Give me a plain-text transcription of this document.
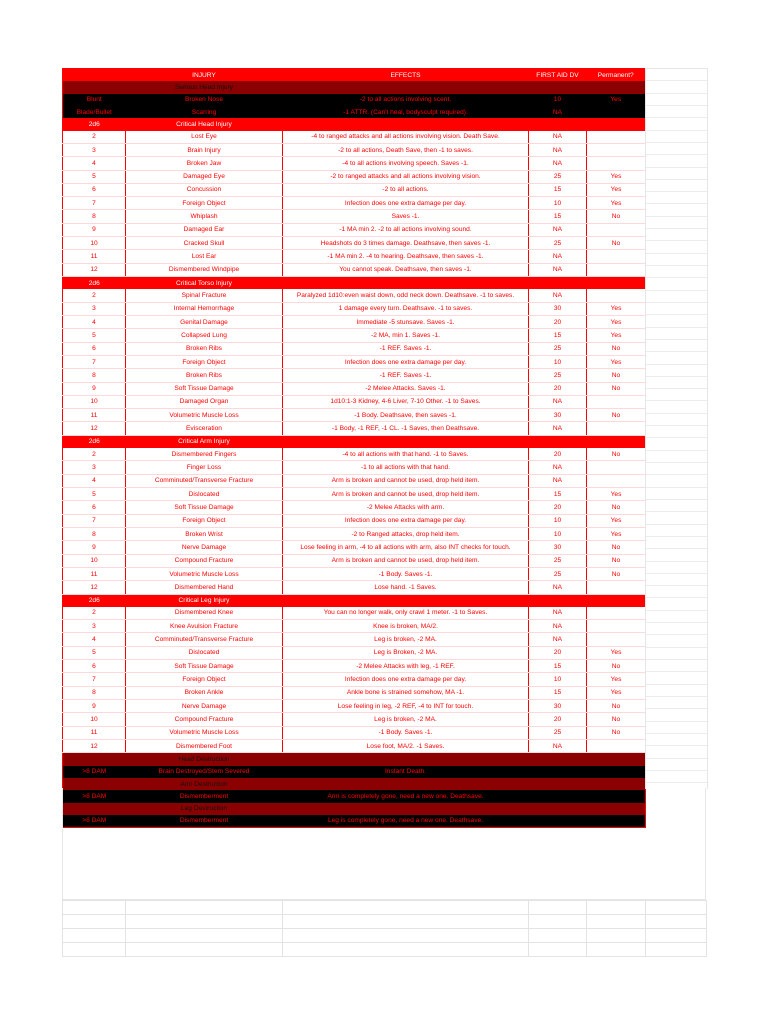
	INJURY	EFFECTS	FIRST AID DV	Permanent?
	Serious Head Injury			
Blunt	Broken Nose	-2 to all actions involving scent.	10	Yes
Blade/Bullet	Scarring	-1 ATTR. (Can't heal, bodysculpt required).	NA	
2d6	Critical Head Injury			
2	Lost Eye	-4 to ranged attacks and all actions involving vision. Death Save.	NA	
3	Brain Injury	-2 to all actions, Death Save, then -1 to saves.	NA	
4	Broken Jaw	-4 to all actions involving speech. Saves -1.	NA	
5	Damaged Eye	-2 to ranged attacks and all actions involving vision.	25	Yes
6	Concussion	-2 to all actions.	15	Yes
7	Foreign Object	Infection does one extra damage per day.	10	Yes
8	Whiplash	Saves -1.	15	No
9	Damaged Ear	-1 MA min 2. -2 to all actions involving sound.	NA	
10	Cracked Skull	Headshots do 3 times damage. Deathsave, then saves -1.	25	No
11	Lost Ear	-1 MA min 2. -4 to hearing. Deathsave, then saves -1.	NA	
12	Dismembered Windpipe	You cannot speak. Deathsave, then saves -1.	NA	
2d6	Critical Torso Injury			
2	Spinal Fracture	Paralyzed 1d10:even waist down, odd neck down. Deathsave. -1 to saves.	NA	
3	Internal Hemorrhage	1 damage every turn. Deathsave. -1 to saves.	30	Yes
4	Genital Damage	Immediate -5 stunsave. Saves -1.	20	Yes
5	Collapsed Lung	-2 MA, min 1. Saves -1.	15	Yes
6	Broken Ribs	-1 REF. Saves -1.	25	No
7	Foreign Object	Infection does one extra damage per day.	10	Yes
8	Broken Ribs	-1 REF. Saves -1.	25	No
9	Soft Tissue Damage	-2 Melee Attacks. Saves -1.	20	No
10	Damaged Organ	1d10:1-3 Kidney, 4-6 Liver, 7-10 Other. -1 to Saves.	NA	
11	Volumetric Muscle Loss	-1 Body. Deathsave, then saves -1.	30	No
12	Evisceration	-1 Body, -1 REF, -1 CL. -1 Saves, then Deathsave.	NA	
2d6	Critical Arm Injury			
2	Dismembered Fingers	-4 to all actions with that hand. -1 to Saves.	20	No
3	Finger Loss	-1 to all actions with that hand.	NA	
4	Comminuted/Transverse Fracture	Arm is broken and cannot be used, drop held item.	NA	
5	Dislocated	Arm is broken and cannot be used, drop held item.	15	Yes
6	Soft Tissue Damage	-2 Melee Attacks with arm.	20	No
7	Foreign Object	Infection does one extra damage per day.	10	Yes
8	Broken Wrist	-2 to Ranged attacks, drop held item.	10	Yes
9	Nerve Damage	Lose feeling in arm, -4 to all actions with arm, also INT checks for touch.	30	No
10	Compound Fracture	Arm is broken and cannot be used, drop held item.	25	No
11	Volumetric Muscle Loss	-1 Body. Saves -1.	25	No
12	Dismembered Hand	Lose hand. -1 Saves.	NA	
2d6	Critical Leg Injury			
2	Dismembered Knee	You can no longer walk, only crawl 1 meter. -1 to Saves.	NA	
3	Knee Avulsion Fracture	Knee is broken, MA/2.	NA	
4	Comminuted/Transverse Fracture	Leg is broken, -2 MA.	NA	
5	Dislocated	Leg is Broken, -2 MA.	20	Yes
6	Soft Tissue Damage	-2 Melee Attacks with leg, -1 REF.	15	No
7	Foreign Object	Infection does one extra damage per day.	10	Yes
8	Broken Ankle	Ankle bone is strained somehow, MA -1.	15	Yes
9	Nerve Damage	Lose feeling in leg, -2 REF, -4 to INT for touch.	30	No
10	Compound Fracture	Leg is broken, -2 MA.	20	No
11	Volumetric Muscle Loss	-1 Body. Saves -1.	25	No
12	Dismembered Foot	Lose foot, MA/2. -1 Saves.	NA	
	Head Destruction			
>8 DAM	Brain Destroyed/Stem Severed	Instant Death.		
	Arm Destruction			
>8 DAM	Dismemberment	Arm is completely gone, need a new one. Deathsave.		
	Leg Destruction			
>8 DAM	Dismemberment	Leg is completely gone, need a new one. Deathsave.		
